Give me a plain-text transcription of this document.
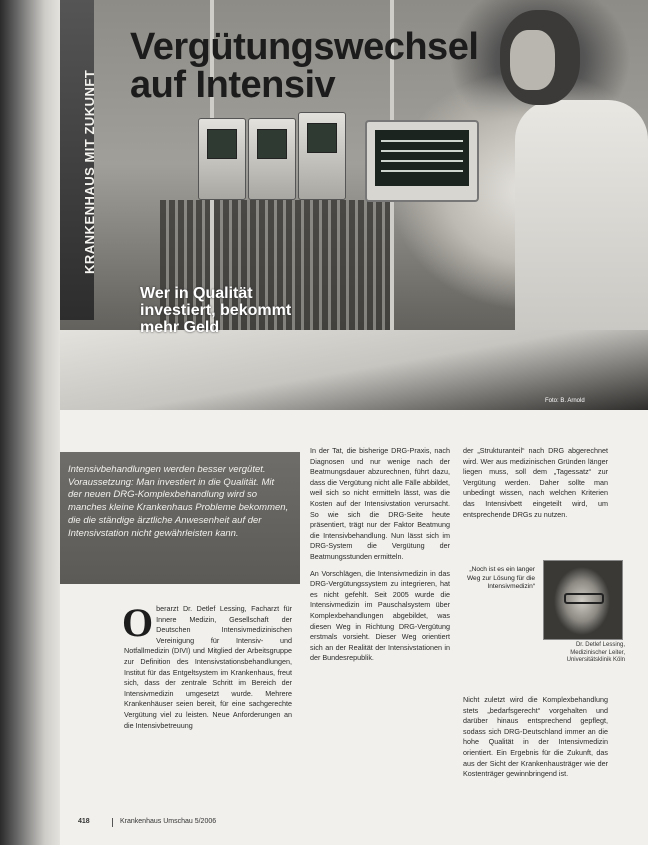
KRANKENHAUS MIT ZUKUNFT
Vergütungswechsel
auf Intensiv
Wer in Qualität
investiert, bekommt
mehr Geld
Foto: B. Arnold

Intensivbehandlungen werden besser vergütet. Voraussetzung: Man investiert in die Qualität. Mit der neuen DRG-Komplexbehandlung wird so manches kleine Krankenhaus Probleme bekommen, die die ständige ärztliche Anwesenheit auf der Intensivstation nicht gewährleisten kann.

O berarzt Dr. Detlef Lessing, Facharzt für Innere Medizin, Gesellschaft der Deutschen Intensivmedizinischen Vereinigung für Intensiv- und Notfallmedizin (DIVI) und Mitglied der Arbeitsgruppe zur Definition des Intensivstationsbehandlungen, Institut für das Entgeltsystem im Krankenhaus, freut sich, dass der zentrale Schritt im Bereich der Intensivmedizin umgesetzt wurde. Mehrere Krankenhäuser seien bereit, für eine sachgerechte Vergütung viel zu leisten. Neue Anforderungen an die Intensivbetreuung

In der Tat, die bisherige DRG-Praxis, nach Diagnosen und nur wenige nach der Beatmungsdauer abzurechnen, führt dazu, dass die Vergütung nicht alle Fälle abbildet, weil sich so nicht ermitteln lässt, was die Kosten auf der Intensivstation verursacht. So wie sich die DRG-Seite heute präsentiert, trägt nur der Faktor Beatmung die Intensivbehandlung. Nun lässt sich im DRG-System die Vergütung der Beatmungsstunden ermitteln.

An Vorschlägen, die Intensivmedizin in das DRG-Vergütungssystem zu integrieren, hat es nicht gefehlt. Seit 2005 wurde die Intensivmedizin im Pauschalsystem über Komplexbehandlungen abgebildet, was diesen Weg in Richtung DRG-Vergütung erstmals vorsieht. Dieser Weg orientiert sich an der Realität der Intensivstationen in der Bundesrepublik.

der „Strukturanteil“ nach DRG abgerechnet wird. Wer aus medizinischen Gründen länger liegen muss, soll dem „Tagessatz“ zur Vergütung werden. Daher sollte man unbedingt wissen, nach welchen Kriterien das Intensivbett eingeteilt wird, um entsprechende DRGs zu nutzen.

„Noch ist es ein langer Weg zur Lösung für die Intensivmedizin“
Dr. Detlef Lessing,
Medizinischer Leiter,
Universitätsklinik Köln

Nicht zuletzt wird die Komplexbehandlung stets „bedarfsgerecht“ vorgehalten und darüber hinaus entsprechend gepflegt, sodass sich DRG-Deutschland immer an die hohe Qualität in der Intensivmedizin orientiert. Ein Ergebnis für die Zukunft, das aus der Sicht der Krankenhausträger wie der Kostenträger gewinnbringend ist.

418	Krankenhaus Umschau 5/2006
